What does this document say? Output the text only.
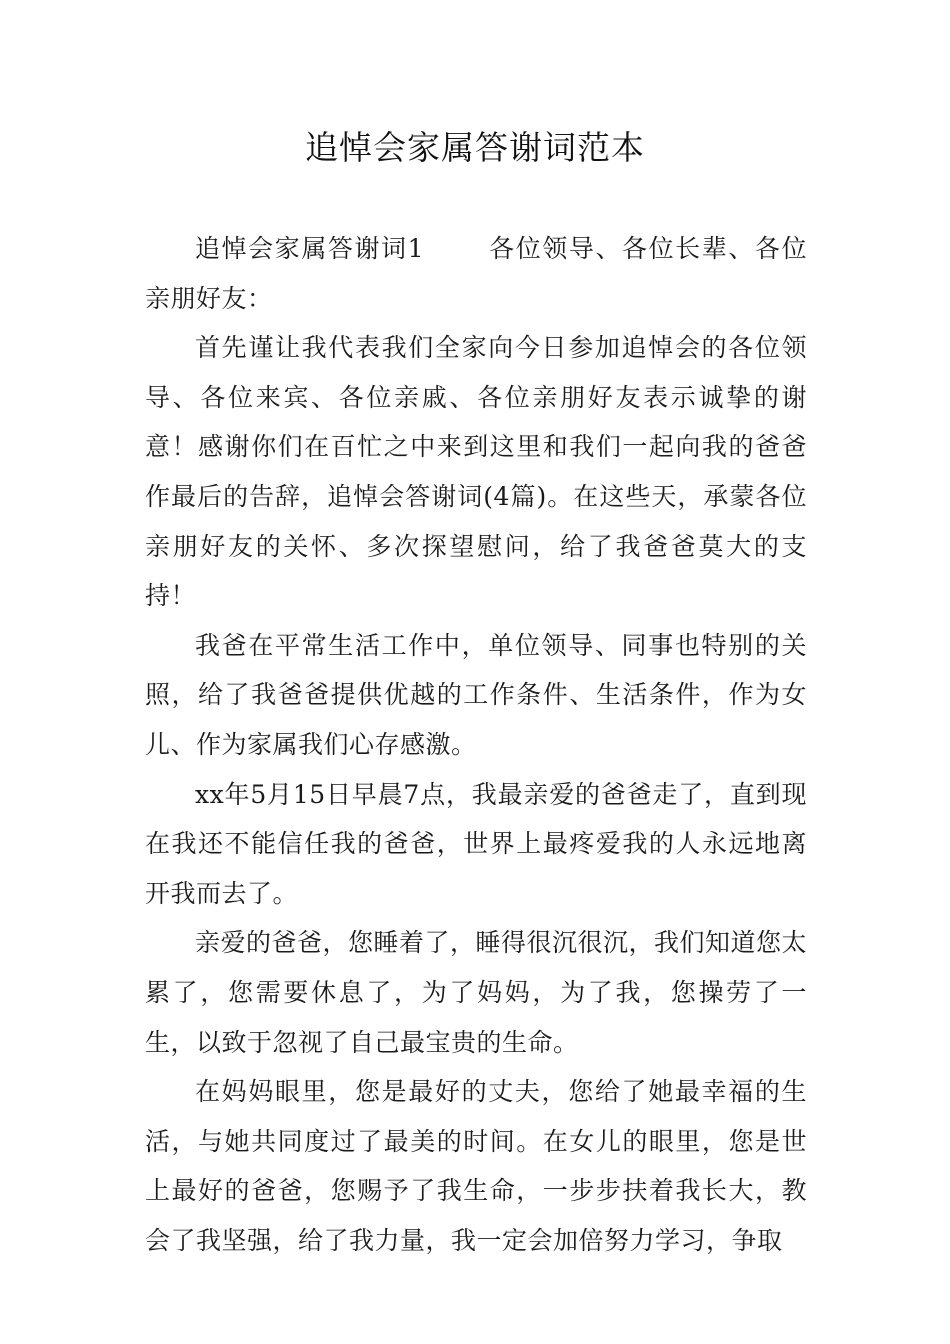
追悼会家属答谢词范本

追悼会家属答谢词1	各位领导、各位长辈、各位亲朋好友：

首先谨让我代表我们全家向今日参加追悼会的各位领导、各位来宾、各位亲戚、各位亲朋好友表示诚挚的谢意！感谢你们在百忙之中来到这里和我们一起向我的爸爸作最后的告辞，追悼会答谢词(4篇)。在这些天，承蒙各位亲朋好友的关怀、多次探望慰问，给了我爸爸莫大的支持！

我爸在平常生活工作中，单位领导、同事也特别的关照，给了我爸爸提供优越的工作条件、生活条件，作为女儿、作为家属我们心存感激。

xx年5月15日早晨7点，我最亲爱的爸爸走了，直到现在我还不能信任我的爸爸，世界上最疼爱我的人永远地离开我而去了。

亲爱的爸爸，您睡着了，睡得很沉很沉，我们知道您太累了，您需要休息了，为了妈妈，为了我，您操劳了一生，以致于忽视了自己最宝贵的生命。

在妈妈眼里，您是最好的丈夫，您给了她最幸福的生活，与她共同度过了最美的时间。在女儿的眼里，您是世上最好的爸爸，您赐予了我生命，一步步扶着我长大，教会了我坚强，给了我力量，我一定会加倍努力学习，争取
